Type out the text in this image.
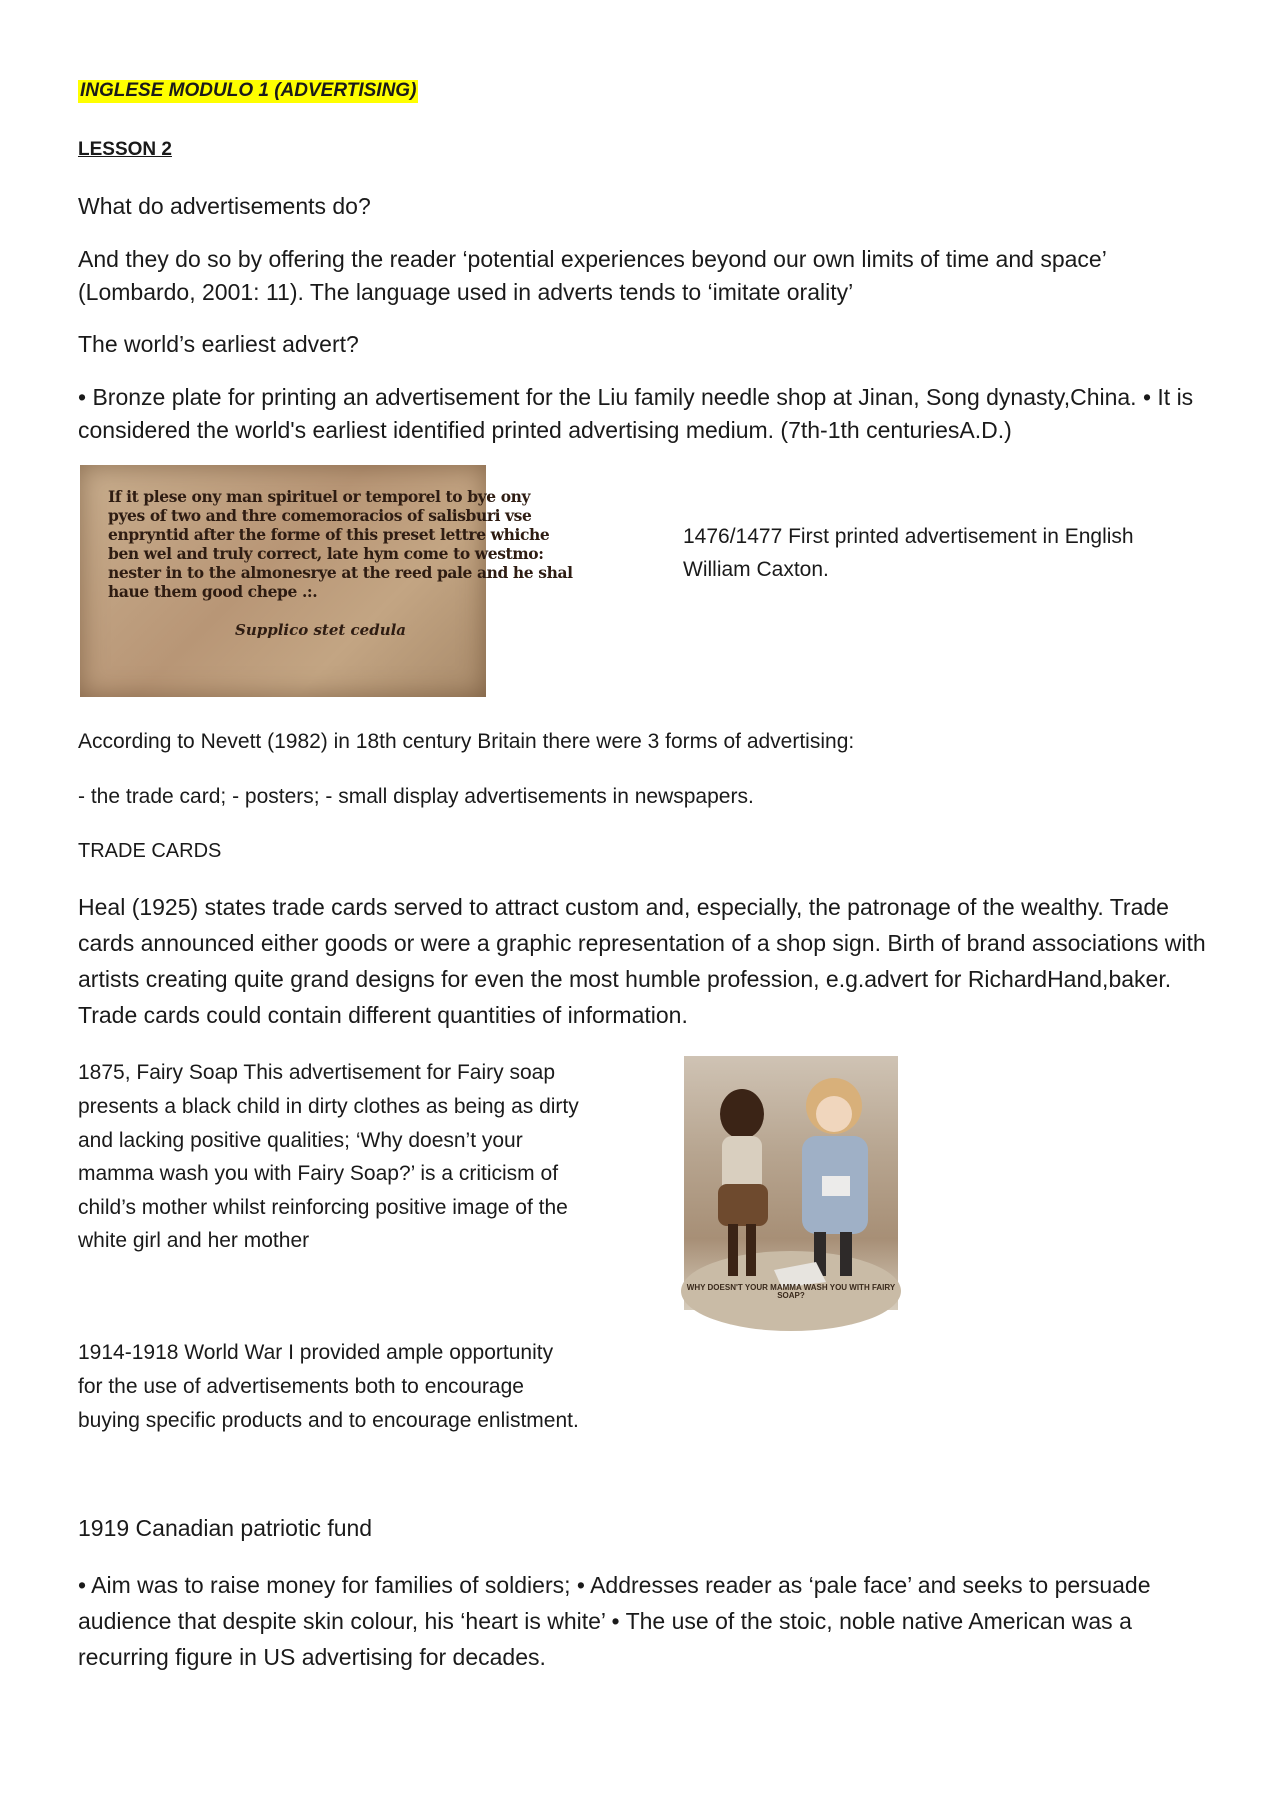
INGLESE MODULO 1 (ADVERTISING)

LESSON 2

What do advertisements do?

And they do so by offering the reader ‘potential experiences beyond our own limits of time and space’ (Lombardo, 2001: 11). The language used in adverts tends to ‘imitate orality’

The world’s earliest advert?

• Bronze plate for printing an advertisement for the Liu family needle shop at Jinan, Song dynasty,China. • It is considered the world's earliest identified printed advertising medium. (7th-1th centuriesA.D.)

If it plese ony man spirituel or temporel to bye ony
pyes of two and thre comemoracios of salisburi vse
enpryntid after the forme of this preset lettre whiche
ben wel and truly correct, late hym come to westmo:
nester in to the almonesrye at the reed pale and he shal
haue them good chepe .:.
Supplico stet cedula

1476/1477 First printed advertisement in English

William Caxton.

According to Nevett (1982) in 18th century Britain there were 3 forms of advertising:

- the trade card; - posters; - small display advertisements in newspapers.

TRADE CARDS

Heal (1925) states trade cards served to attract custom and, especially, the patronage of the wealthy. Trade cards announced either goods or were a graphic representation of a shop sign. Birth of brand associations with artists creating quite grand designs for even the most humble profession, e.g.advert for RichardHand,baker. Trade cards could contain different quantities of information.

1875, Fairy Soap This advertisement for Fairy soap

presents a black child in dirty clothes as being as dirty

and lacking positive qualities; ‘Why doesn’t your

mamma wash you with Fairy Soap?’ is a criticism of

child’s mother whilst reinforcing positive image of the

white girl and her mother

WHY DOESN'T YOUR MAMMA WASH YOU WITH FAIRY SOAP?

1914-1918 World War I provided ample opportunity

for the use of advertisements both to encourage

buying specific products and to encourage enlistment.

1919 Canadian patriotic fund

• Aim was to raise money for families of soldiers; • Addresses reader as ‘pale face’ and seeks to persuade audience that despite skin colour, his ‘heart is white’ • The use of the stoic, noble native American was a recurring figure in US advertising for decades.
